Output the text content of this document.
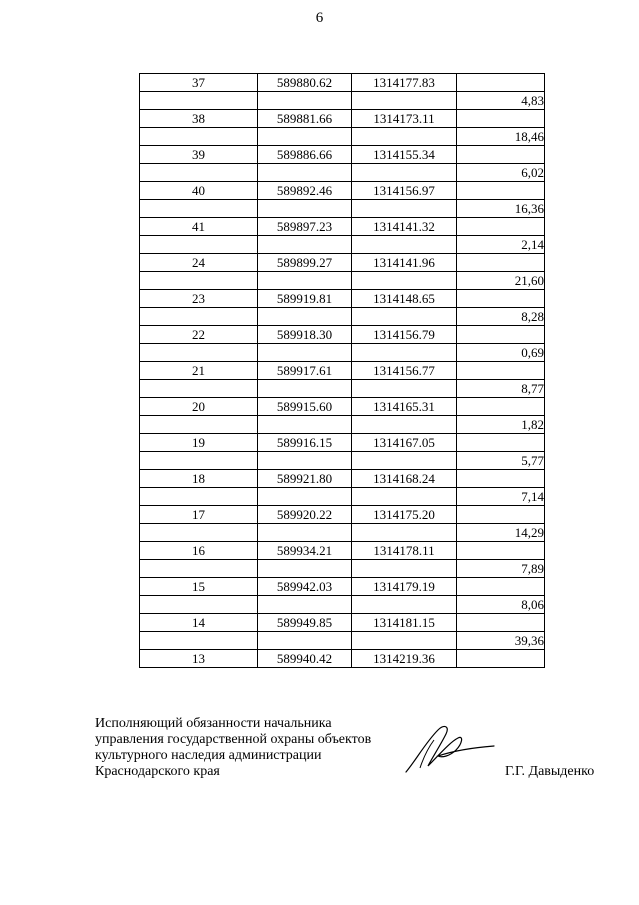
6
37	589880.62	1314177.83	
			4,83
38	589881.66	1314173.11	
			18,46
39	589886.66	1314155.34	
			6,02
40	589892.46	1314156.97	
			16,36
41	589897.23	1314141.32	
			2,14
24	589899.27	1314141.96	
			21,60
23	589919.81	1314148.65	
			8,28
22	589918.30	1314156.79	
			0,69
21	589917.61	1314156.77	
			8,77
20	589915.60	1314165.31	
			1,82
19	589916.15	1314167.05	
			5,77
18	589921.80	1314168.24	
			7,14
17	589920.22	1314175.20	
			14,29
16	589934.21	1314178.11	
			7,89
15	589942.03	1314179.19	
			8,06
14	589949.85	1314181.15	
			39,36
13	589940.42	1314219.36	
Исполняющий обязанности начальника
управления государственной охраны объектов
культурного наследия администрации
Краснодарского края	Г.Г. Давыденко
